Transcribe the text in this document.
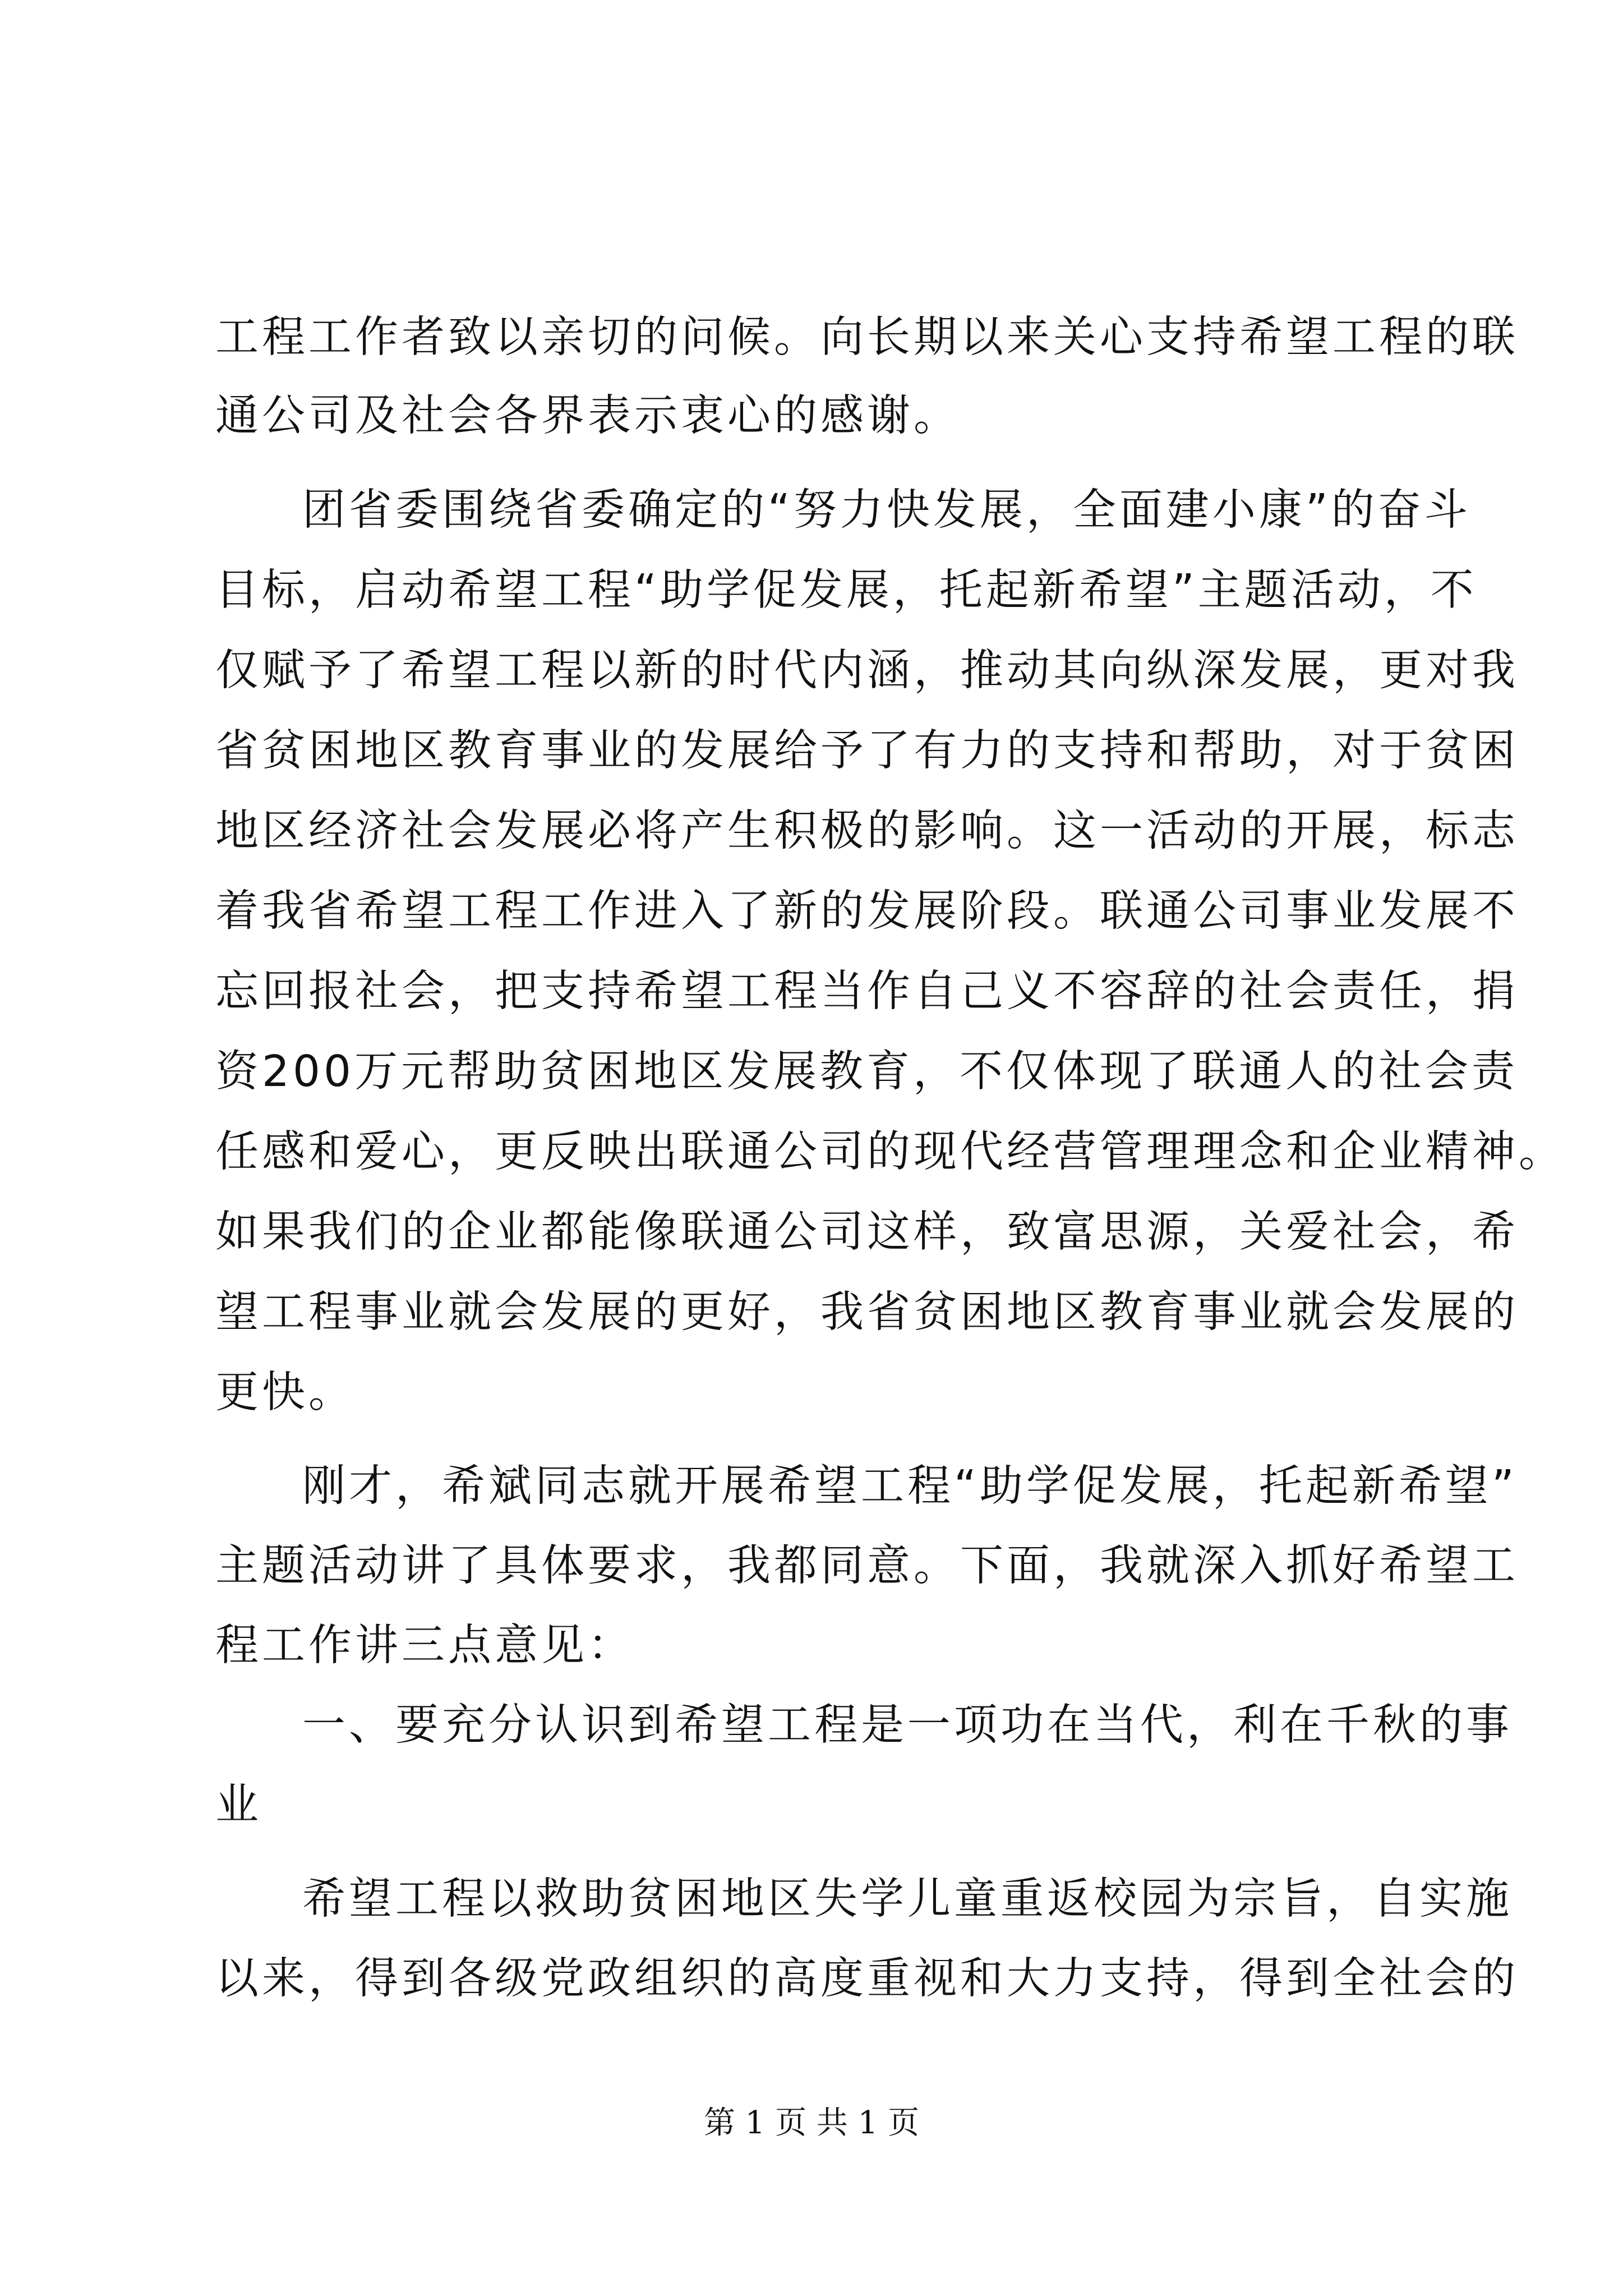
工程工作者致以亲切的问候。向长期以来关心支持希望工程的联
通公司及社会各界表示衷心的感谢。
团省委围绕省委确定的“努力快发展，全面建小康”的奋斗
目标，启动希望工程“助学促发展，托起新希望”主题活动，不
仅赋予了希望工程以新的时代内涵，推动其向纵深发展，更对我
省贫困地区教育事业的发展给予了有力的支持和帮助，对于贫困
地区经济社会发展必将产生积极的影响。这一活动的开展，标志
着我省希望工程工作进入了新的发展阶段。联通公司事业发展不
忘回报社会，把支持希望工程当作自己义不容辞的社会责任，捐
资200万元帮助贫困地区发展教育，不仅体现了联通人的社会责
任感和爱心，更反映出联通公司的现代经营管理理念和企业精神。
如果我们的企业都能像联通公司这样，致富思源，关爱社会，希
望工程事业就会发展的更好，我省贫困地区教育事业就会发展的
更快。
刚才，希斌同志就开展希望工程“助学促发展，托起新希望”
主题活动讲了具体要求，我都同意。下面，我就深入抓好希望工
程工作讲三点意见：
一、要充分认识到希望工程是一项功在当代，利在千秋的事
业
希望工程以救助贫困地区失学儿童重返校园为宗旨，自实施
以来，得到各级党政组织的高度重视和大力支持，得到全社会的
第 1 页 共 1 页
